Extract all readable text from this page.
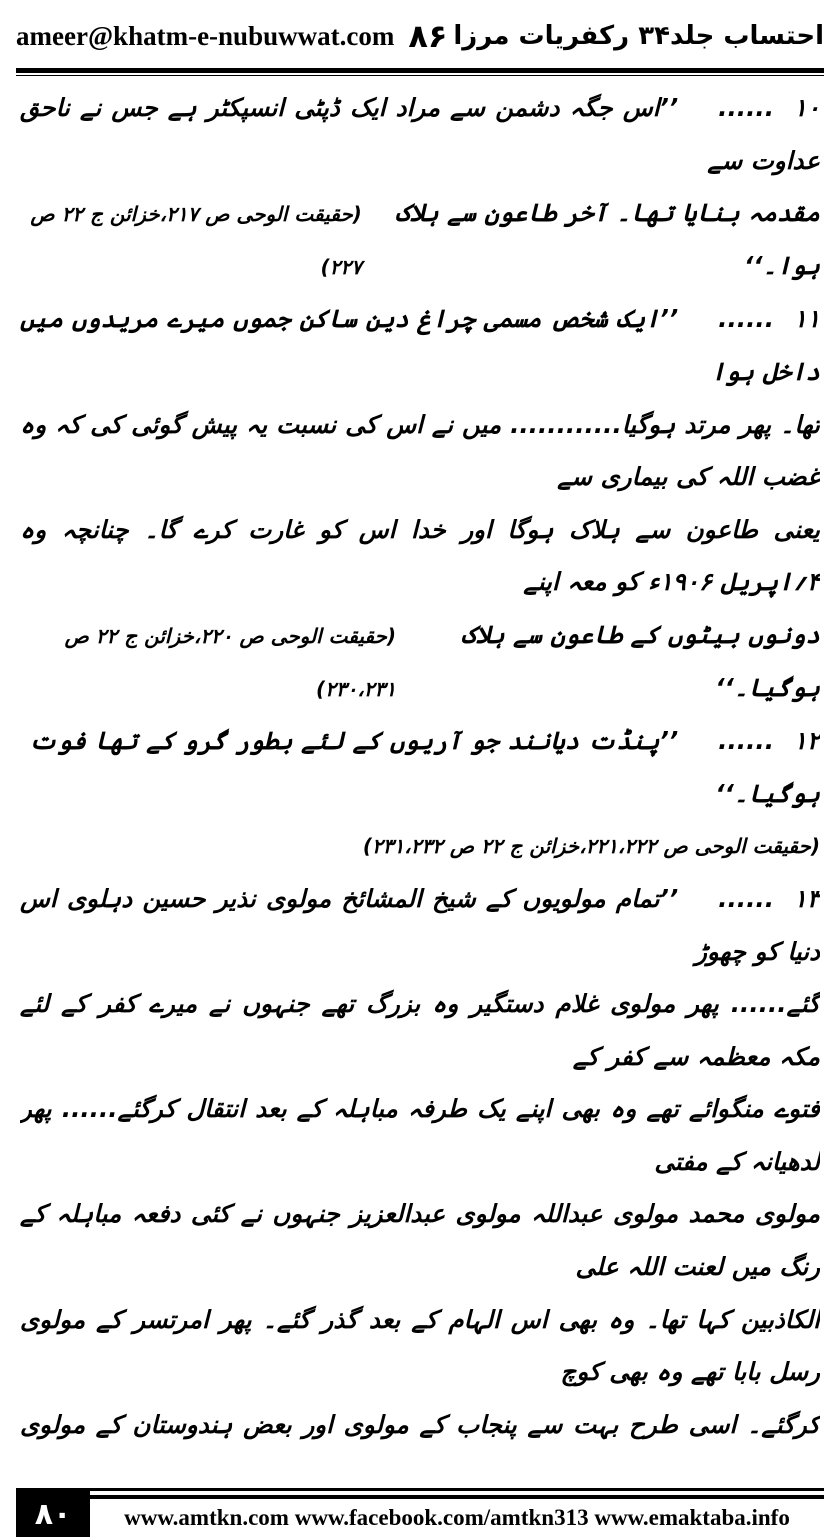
ameer@khatm-e-nubuwwat.com ۸۶ احتساب جلد۳۴ رکفریات مرزا

۱۰......’’اس جگہ دشمن سے مراد ایک ڈپٹی انسپکٹر ہے جس نے ناحق عداوت سے

مقدمہ بنایا تھا۔ آخر طاعون سے ہلاک ہوا۔‘‘

(حقیقت الوحی ص ۲۱۷،خزائن ج ۲۲ ص ۲۲۷)

۱۱......’’ایک شخص مسمی چراغ دین ساکن جموں میرے مریدوں میں داخل ہوا

تھا۔ پھر مرتد ہوگیا............ میں نے اس کی نسبت یہ پیش گوئی کی کہ وہ غضب اللہ کی بیماری سے

یعنی طاعون سے ہلاک ہوگا اور خدا اس کو غارت کرے گا۔ چنانچہ وہ ۴؍اپریل ۱۹۰۶ء کو معہ اپنے

دونوں بیٹوں کے طاعون سے ہلاک ہوگیا۔‘‘

(حقیقت الوحی ص ۲۲۰،خزائن ج ۲۲ ص ۲۳۰،۲۳۱)

۱۲......’’پنڈت دیانند جو آریوں کے لئے بطور گرو کے تھا فوت ہوگیا۔‘‘

(حقیقت الوحی ص ۲۲۱،۲۲۲،خزائن ج ۲۲ ص ۲۳۱،۲۳۲)

۱۳......’’تمام مولویوں کے شیخ المشائخ مولوی نذیر حسین دہلوی اس دنیا کو چھوڑ

گئے...... پھر مولوی غلام دستگیر وہ بزرگ تھے جنہوں نے میرے کفر کے لئے مکہ معظمہ سے کفر کے

فتوے منگوائے تھے وہ بھی اپنے یک طرفہ مباہلہ کے بعد انتقال کرگئے...... پھر لدھیانہ کے مفتی

مولوی محمد مولوی عبداللہ مولوی عبدالعزیز جنہوں نے کئی دفعہ مباہلہ کے رنگ میں لعنت اللہ علی

الکاذبین کہا تھا۔ وہ بھی اس الہام کے بعد گذر گئے۔ پھر امرتسر کے مولوی رسل بابا تھے وہ بھی کوچ

کرگئے۔ اسی طرح بہت سے پنجاب کے مولوی اور بعض ہندوستان کے مولوی

۸۰	www.amtkn.com www.facebook.com/amtkn313 www.emaktaba.info
